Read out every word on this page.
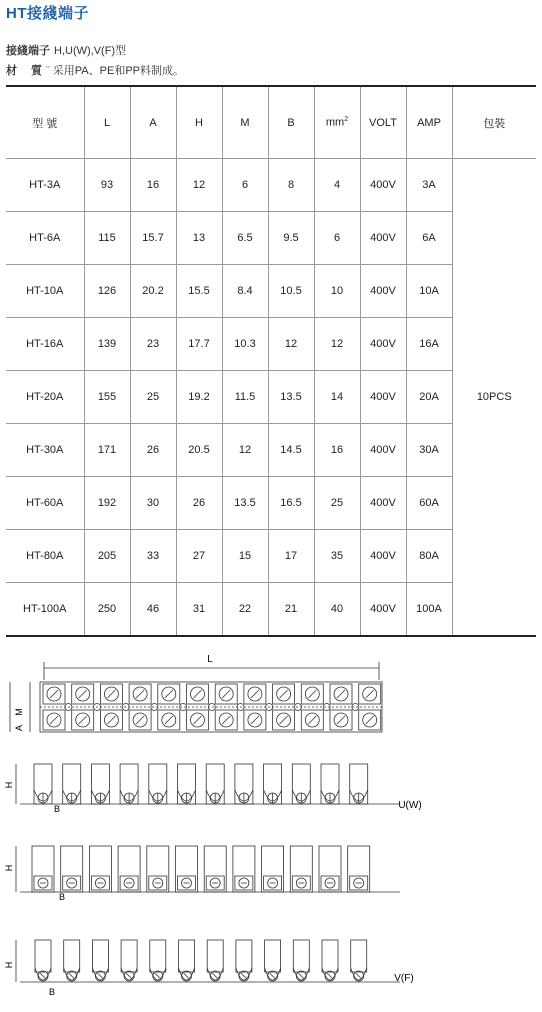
HT接綫端子
接綫端子 H,U(W),V(F)型
材　 質 ¨ 采用PA、PE和PP料制成。
型 號	L	A	H	M	B	$mm^2$	VOLT	AMP	包裝
HT-3A	93	16	12	6	8	4	400V	3A	10PCS
HT-6A	115	15.7	13	6.5	9.5	6	400V	6A	
HT-10A	126	20.2	15.5	8.4	10.5	10	400V	10A	
HT-16A	139	23	17.7	10.3	12	12	400V	16A	
HT-20A	155	25	19.2	11.5	13.5	14	400V	20A	
HT-30A	171	26	20.5	12	14.5	16	400V	30A	
HT-60A	192	30	26	13.5	16.5	25	400V	60A	
HT-80A	205	33	27	15	17	35	400V	80A	
HT-100A	250	46	31	22	21	40	400V	100A	
L
M
A
H
B	U(W)
H
B
H
B
V(F)
